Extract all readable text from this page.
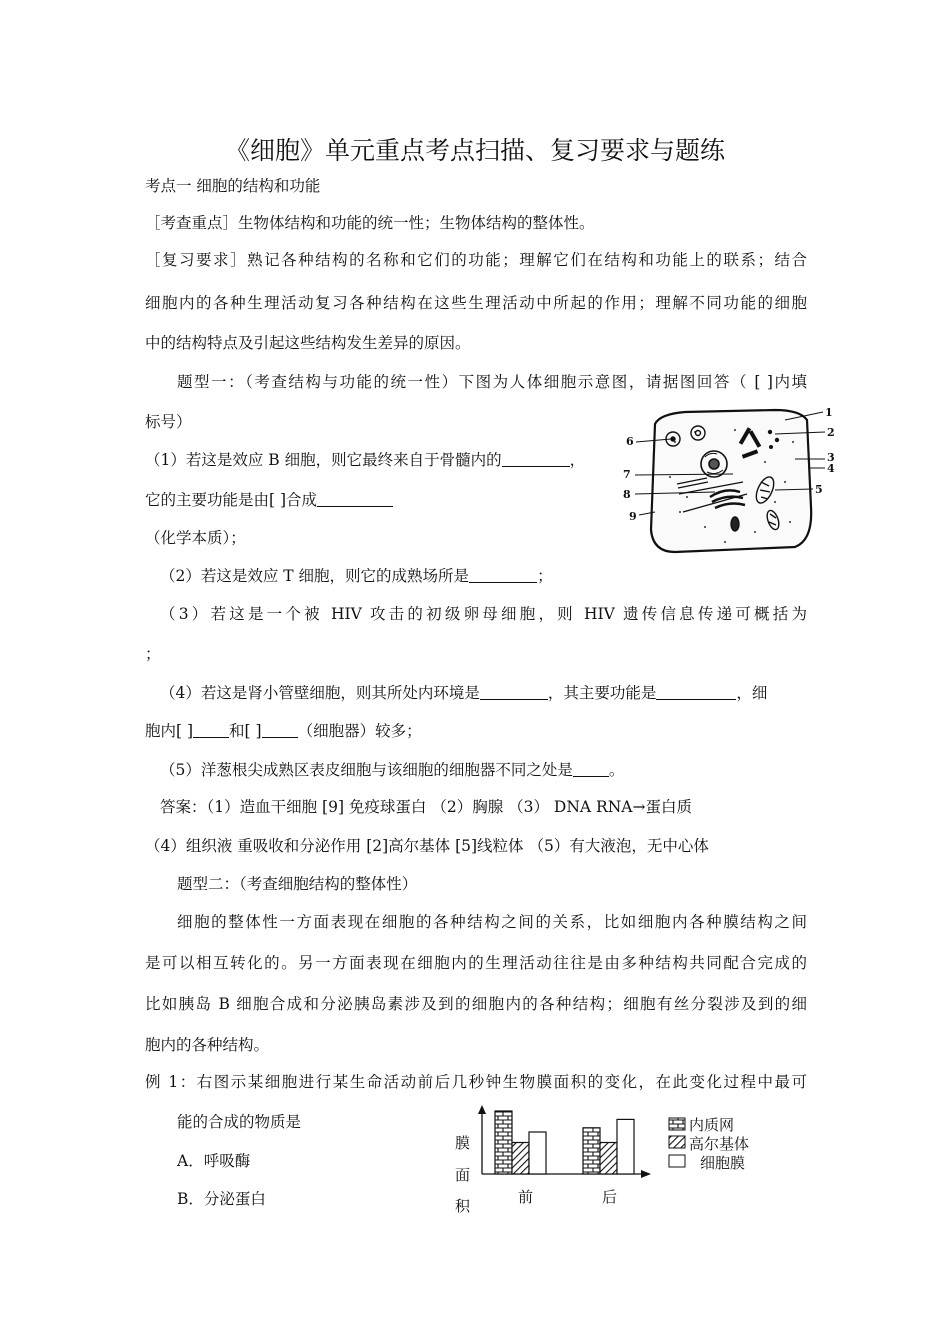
《细胞》单元重点考点扫描、复习要求与题练
考点一 细胞的结构和功能
［考查重点］生物体结构和功能的统一性；生物体结构的整体性。
［复习要求］熟记各种结构的名称和它们的功能；理解它们在结构和功能上的联系；结合
细胞内的各种生理活动复习各种结构在这些生理活动中所起的作用；理解不同功能的细胞
中的结构特点及引起这些结构发生差异的原因。
题型一：（考查结构与功能的统一性）下图为人体细胞示意图，请据图回答（ [ ]内填
标号）
（1）若这是效应 B 细胞，则它最终来自于骨髓内的	，
它的主要功能是由[ ]合成
（化学本质）；
（2）若这是效应 T 细胞，则它的成熟场所是	；
（3）若这是一个被 HIV 攻击的初级卵母细胞，则 HIV 遗传信息传递可概括为
；
（4）若这是肾小管壁细胞，则其所处内环境是	，其主要功能是	，细
胞内[ ] 和[ ] （细胞器）较多；
（5）洋葱根尖成熟区表皮细胞与该细胞的细胞器不同之处是 。
答案：（1）造血干细胞 [9] 免疫球蛋白 （2）胸腺 （3） DNA RNA→蛋白质
（4）组织液 重吸收和分泌作用 [2]高尔基体 [5]线粒体 （5）有大液泡，无中心体
题型二：（考查细胞结构的整体性）
细胞的整体性一方面表现在细胞的各种结构之间的关系，比如细胞内各种膜结构之间
是可以相互转化的。另一方面表现在细胞内的生理活动往往是由多种结构共同配合完成的
比如胰岛 B 细胞合成和分泌胰岛素涉及到的细胞内的各种结构；细胞有丝分裂涉及到的细
胞内的各种结构。
例 1：右图示某细胞进行某生命活动前后几秒钟生物膜面积的变化，在此变化过程中最可
能的合成的物质是
A．呼吸酶
B．分泌蛋白
1
2
3
4
5
6
7
8
9
膜
面
积	前	后
内质网
高尔基体
细胞膜
